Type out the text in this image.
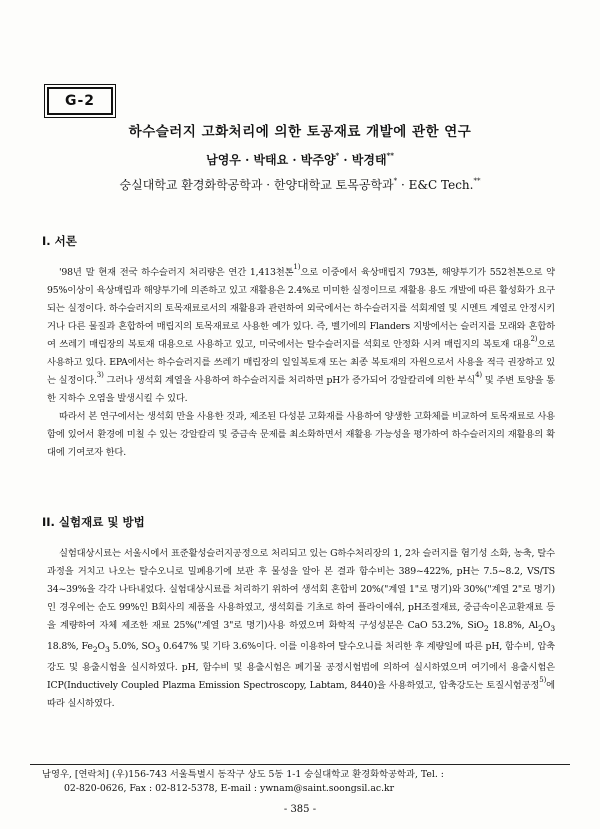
G-2
하수슬러지 고화처리에 의한 토공재료 개발에 관한 연구
남영우 · 박태요 · 박주양* · 박경태**
숭실대학교 환경화학공학과 · 한양대학교 토목공학과* · E&C Tech.**
I. 서론

'98년 말 현재 전국 하수슬러지 처리량은 연간 1,413천톤$^{1)}$으로 이중에서 육상매립지 793톤, 해양투기가 552천톤으로 약 95%이상이 육상매립과 해양투기에 의존하고 있고 재활용은 2.4%로 미미한 실정이므로 재활용 용도 개발에 따른 활성화가 요구되는 실정이다. 하수슬러지의 토목재료로서의 재활용과 관련하여 외국에서는 하수슬러지를 석회계열 및 시멘트 계열로 안정시키거나 다른 물질과 혼합하여 매립지의 토목재료로 사용한 예가 있다. 즉, 벨기에의 Flanders 지방에서는 슬러지를 모래와 혼합하여 쓰레기 매립장의 복토재 대용으로 사용하고 있고, 미국에서는 탈수슬러지를 석회로 안정화 시켜 매립지의 복토재 대용$^{2)}$으로 사용하고 있다. EPA에서는 하수슬러지를 쓰레기 매립장의 일일복토재 또는 최종 복토재의 자원으로서 사용을 적극 권장하고 있는 실정이다.$^{3)}$ 그러나 생석회 계열을 사용하여 하수슬러지를 처리하면 pH가 증가되어 강알칼리에 의한 부식$^{4)}$ 및 주변 토양을 통한 지하수 오염을 발생시킬 수 있다.

따라서 본 연구에서는 생석회 만을 사용한 것과, 제조된 다성분 고화재를 사용하여 양생한 고화체를 비교하여 토목재료로 사용함에 있어서 환경에 미칠 수 있는 강알칼리 및 중금속 문제를 최소화하면서 재활용 가능성을 평가하여 하수슬러지의 재활용의 확대에 기여코자 한다.

II. 실험재료 및 방법

실험대상시료는 서울시에서 표준활성슬러지공정으로 처리되고 있는 G하수처리장의 1, 2차 슬러지를 혐기성 소화, 농축, 탈수과정을 거치고 나오는 탈수오니로 밀폐용기에 보관 후 물성을 알아 본 결과 함수비는 389~422%, pH는 7.5~8.2, VS/TS 34~39%을 각각 나타내었다. 실험대상시료를 처리하기 위하여 생석회 혼합비 20%("계열 1"로 명기)와 30%("계열 2"로 명기)인 경우에는 순도 99%인 B회사의 제품을 사용하였고, 생석회를 기초로 하여 플라이애쉬, pH조절재료, 중금속이온교환재료 등을 계량하여 자체 제조한 재료 25%("계열 3"로 명기)사용 하였으며 화학적 구성성분은 CaO 53.2%, SiO$_2$ 18.8%, $Al_2O_3$ 18.8%, $Fe_2O_3$ 5.0%, $SO_3$ 0.647% 및 기타 3.6%이다. 이를 이용하여 탈수오니를 처리한 후 계량일에 따른 pH, 함수비, 압축강도 및 용출시험을 실시하였다. pH, 함수비 및 용출시험은 폐기물 공정시험법에 의하여 실시하였으며 여기에서 용출시험은 ICP(Inductively Coupled Plazma Emission Spectroscopy, Labtam, 8440)을 사용하였고, 압축강도는 토질시험공정$^{5)}$에 따라 실시하였다.

남영우, [연락처] (우)156-743 서울특별시 동작구 상도 5동 1-1 숭실대학교 환경화학공학과, Tel. :
02-820-0626, Fax : 02-812-5378, E-mail : ywnam@saint.soongsil.ac.kr
- 385 -
